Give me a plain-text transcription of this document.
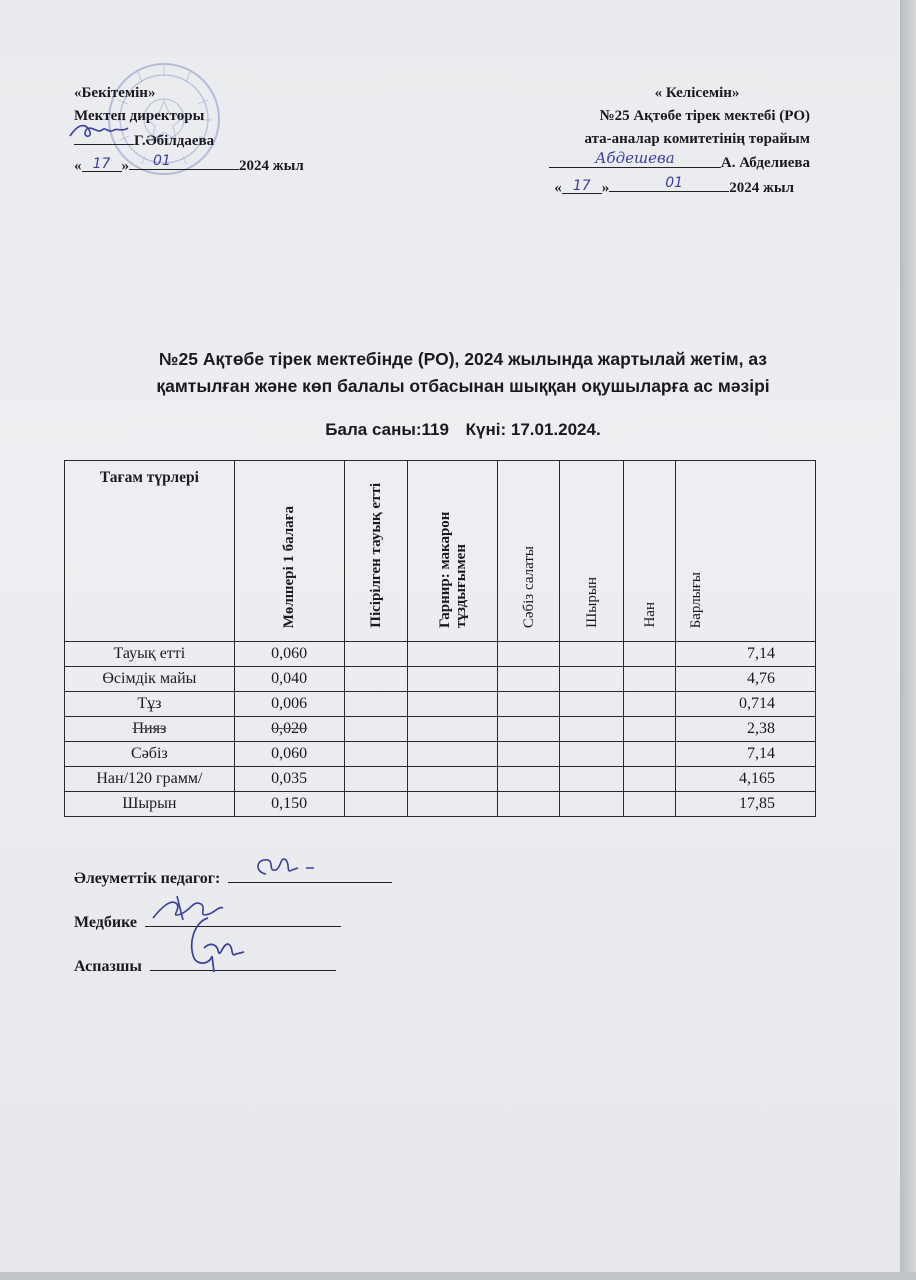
«Бекітемін»
Мектеп директоры
Г.Әбілдаева
« 17 » 01	2024 жыл
« Келісемін»
№25 Ақтөбе тірек мектебі (РО)
ата-аналар комитетінің төрайым
Абдешева	А. Абделиева
« 17 »	01	2024 жыл
№25 Ақтөбе тірек мектебінде (РО), 2024 жылында жартылай жетім, аз
қамтылған және көп балалы отбасынан шыққан оқушыларға ас мәзірі
Бала саны:119 Күні: 17.01.2024.
Тағам түрлері	Мөлшері 1 балаға	Пісірілген тауық етті	Гарнир: макарон тұздығымен	Сәбіз салаты	Шырын	Нан	Барлығы
Тауық етті	0,060						7,14
Өсімдік майы	0,040						4,76
Тұз	0,006						0,714
Пияз	0,020						2,38
Сәбіз	0,060						7,14
Нан/120 грамм/	0,035						4,165
Шырын	0,150						17,85
Әлеуметтік педагог:
Медбике
Аспазшы
